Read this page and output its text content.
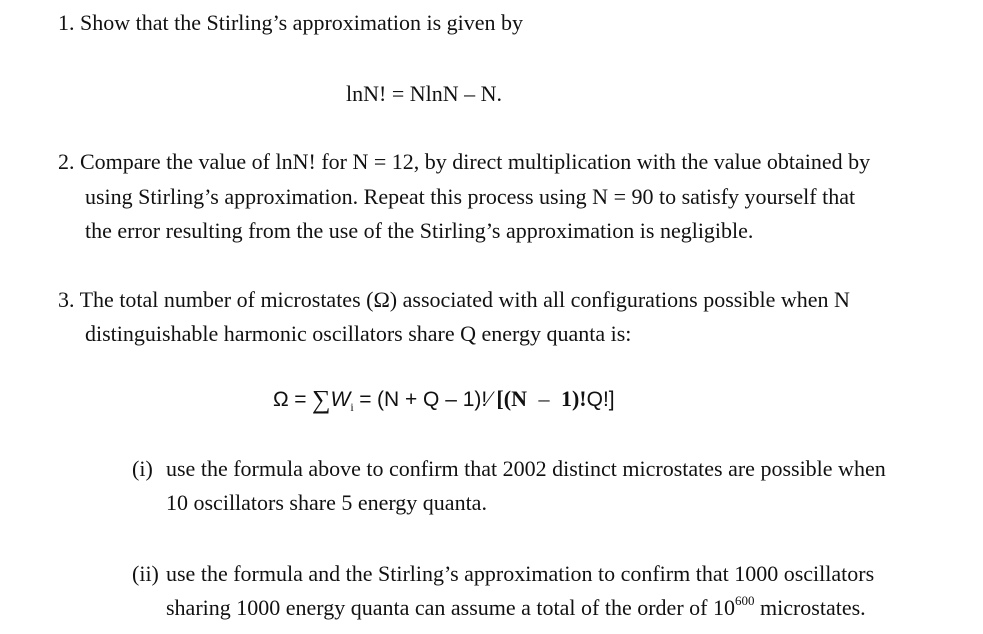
1. Show that the Stirling’s approximation is given by
lnN! = NlnN – N.
2. Compare the value of lnN! for N = 12, by direct multiplication with the value obtained by
using Stirling’s approximation. Repeat this process using N = 90 to satisfy yourself that
the error resulting from the use of the Stirling’s approximation is negligible.
3. The total number of microstates (Ω) associated with all configurations possible when N
distinguishable harmonic oscillators share Q energy quanta is:
$\Omega = \sum W_i = (N + Q$ – 1)!⁄ [(N – 1)!Q!]
(i) use the formula above to confirm that 2002 distinct microstates are possible when
10 oscillators share 5 energy quanta.
(ii) use the formula and the Stirling’s approximation to confirm that 1000 oscillators
sharing 1000 energy quanta can assume a total of the order of $10^{600}$ microstates.
